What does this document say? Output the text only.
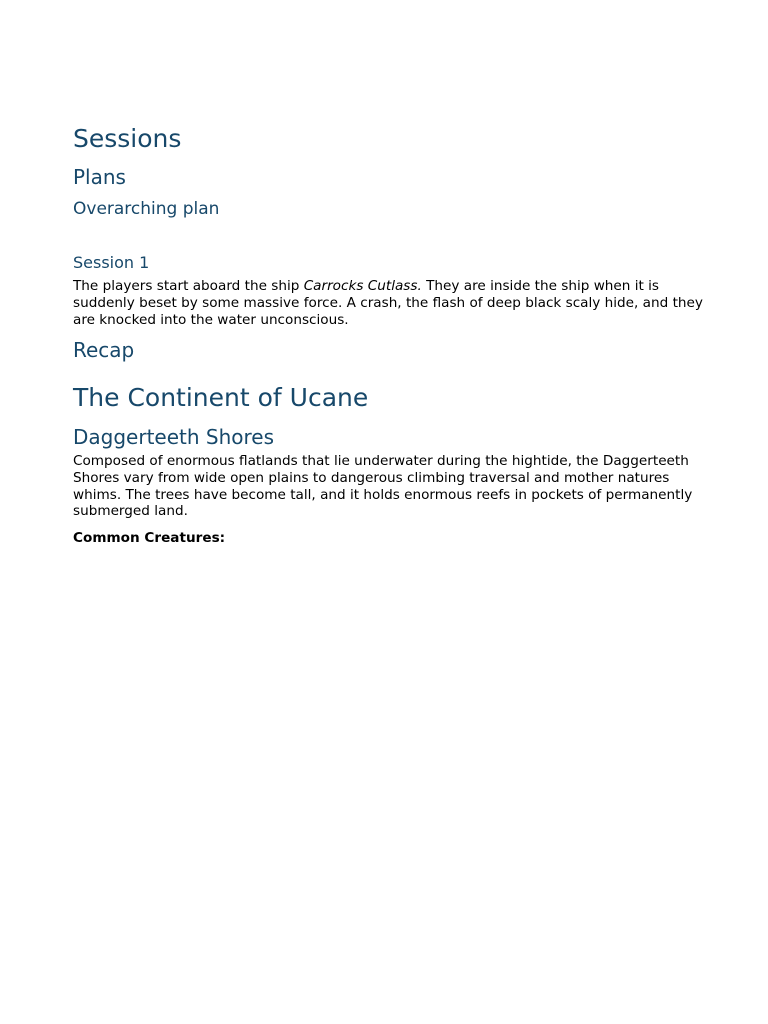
Sessions
Plans
Overarching plan
Session 1

The players start aboard the ship Carrocks Cutlass. They are inside the ship when it is suddenly beset by some massive force. A crash, the flash of deep black scaly hide, and they are knocked into the water unconscious.

Recap
The Continent of Ucane
Daggerteeth Shores

Composed of enormous flatlands that lie underwater during the hightide, the Daggerteeth Shores vary from wide open plains to dangerous climbing traversal and mother natures whims. The trees have become tall, and it holds enormous reefs in pockets of permanently submerged land.

Common Creatures:
